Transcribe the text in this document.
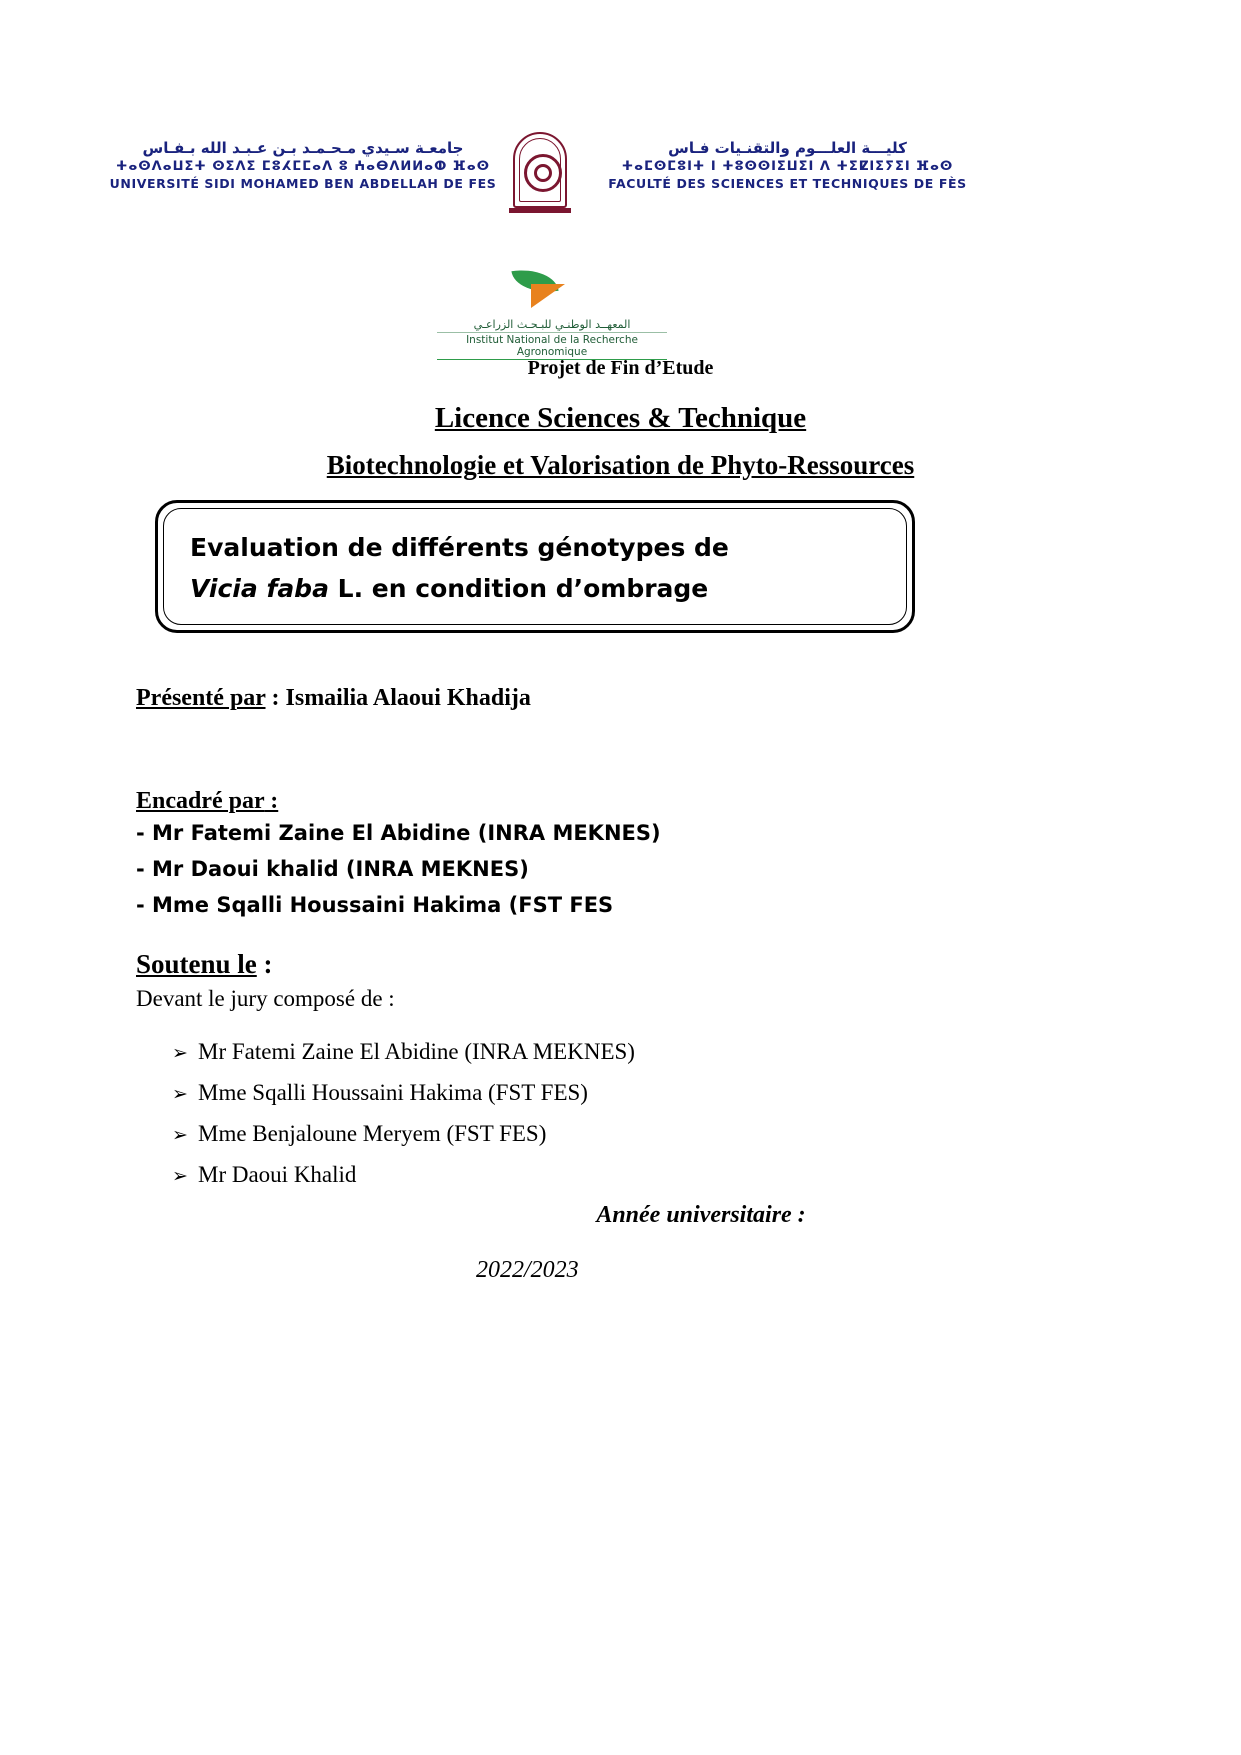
جامعـة سـيدي مـحـمـد بـن عـبـد الله بـفـاس
ⵜⴰⵙⴷⴰⵡⵉⵜ ⵙⵉⴷⵉ ⵎⵓⵃⵎⵎⴰⴷ ⵓ ⵄⴰⴱⴷⵍⵍⴰⵀ ⴼⴰⵙ
UNIVERSITÉ SIDI MOHAMED BEN ABDELLAH DE FES
كليـــة العلـــوم والتقنـيات فـاس
ⵜⴰⵎⵙⵎⵓⵏⵜ ⵏ ⵜⵓⵙⵙⵏⵉⵡⵉⵏ ⴷ ⵜⵉⵇⵏⵉⵢⵉⵏ ⴼⴰⵙ
FACULTÉ DES SCIENCES ET TECHNIQUES DE FÈS
المعهــد الوطنـي للبـحـث الزراعـي
Institut National de la Recherche Agronomique
Projet de Fin d’Etude
Licence Sciences & Technique
Biotechnologie et Valorisation de Phyto-Ressources
Evaluation de différents génotypes de
Vicia faba L. en condition d’ombrage
Présenté par : Ismailia Alaoui Khadija
Encadré par :
- Mr Fatemi Zaine El Abidine (INRA MEKNES)
- Mr Daoui khalid (INRA MEKNES)
- Mme Sqalli Houssaini Hakima (FST FES
Soutenu le :
Devant le jury composé de :
➢ Mr Fatemi Zaine El Abidine (INRA MEKNES)
➢ Mme Sqalli Houssaini Hakima (FST FES)
➢ Mme Benjaloune Meryem (FST FES)
➢ Mr Daoui Khalid
Année universitaire :
2022/2023
